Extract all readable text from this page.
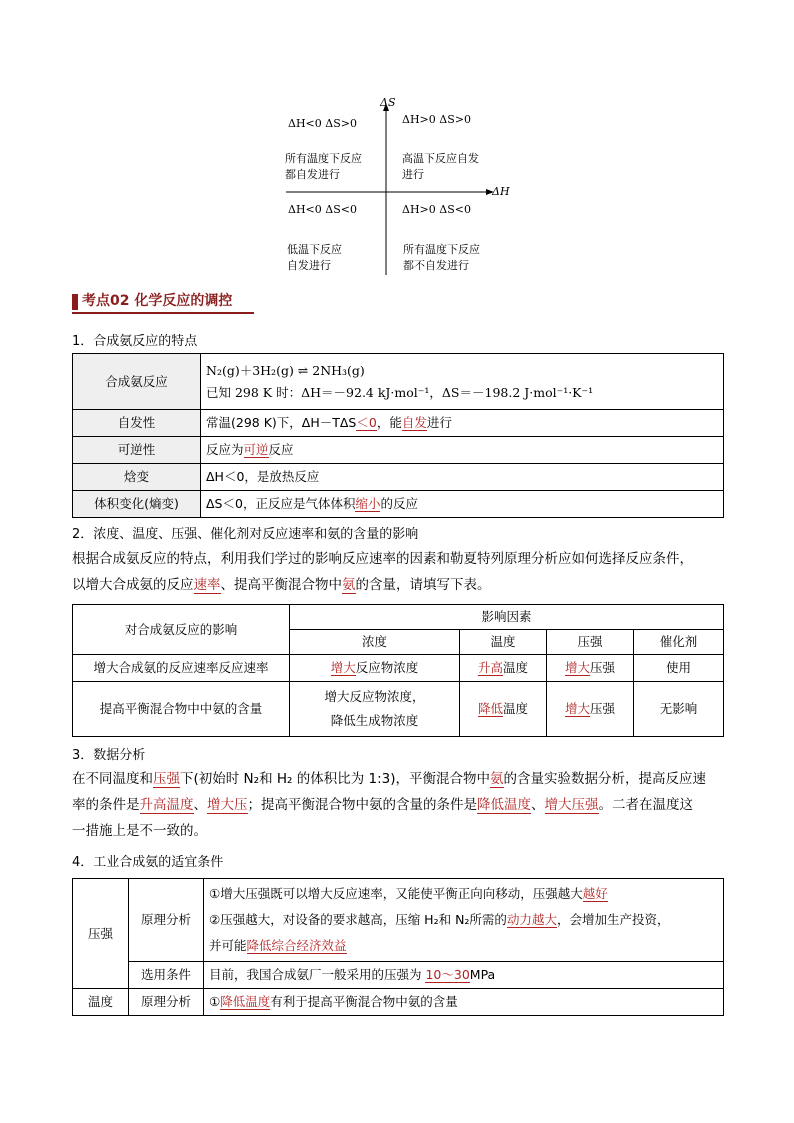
ΔS
ΔH
ΔH<0 ΔS>0
所有温度下反应
都自发进行
ΔH>0 ΔS>0
高温下反应自发
进行
ΔH<0 ΔS<0
低温下反应
自发进行
ΔH>0 ΔS<0
所有温度下反应
都不自发进行
考点02 化学反应的调控
1．合成氨反应的特点
合成氨反应	N₂(g)＋3H₂(g) ⇌ 2NH₃(g)
已知 298 K 时：ΔH＝－92.4 kJ·mol⁻¹，ΔS＝－198.2 J·mol⁻¹·K⁻¹

自发性	常温(298 K)下，ΔH－TΔS＜0，能自发进行
可逆性	反应为可逆反应
焓变	ΔH＜0，是放热反应
体积变化(熵变)	ΔS＜0，正反应是气体体积缩小的反应
2．浓度、温度、压强、催化剂对反应速率和氨的含量的影响
根据合成氨反应的特点，利用我们学过的影响反应速率的因素和勒夏特列原理分析应如何选择反应条件，
以增大合成氨的反应速率、提高平衡混合物中氨的含量，请填写下表。
对合成氨反应的影响	影响因素			
	浓度	温度	压强	催化剂
增大合成氨的反应速率反应速率	增大反应物浓度	升高温度	增大压强	使用
提高平衡混合物中中氨的含量	增大反应物浓度，
降低生成物浓度	降低温度	增大压强	无影响
3．数据分析
在不同温度和压强下(初始时 N₂和 H₂ 的体积比为 1:3)，平衡混合物中氨的含量实验数据分析，提高反应速
率的条件是升高温度、增大压；提高平衡混合物中氨的含量的条件是降低温度、增大压强。二者在温度这
一措施上是不一致的。
4．工业合成氨的适宜条件
压强	原理分析	①增大压强既可以增大反应速率，又能使平衡正向向移动，压强越大越好
②压强越大，对设备的要求越高，压缩 H₂和 N₂所需的动力越大，会增加生产投资，
并可能降低综合经济效益

	选用条件	目前，我国合成氨厂一般采用的压强为 10～30MPa
温度	原理分析	①降低温度有利于提高平衡混合物中氨的含量
